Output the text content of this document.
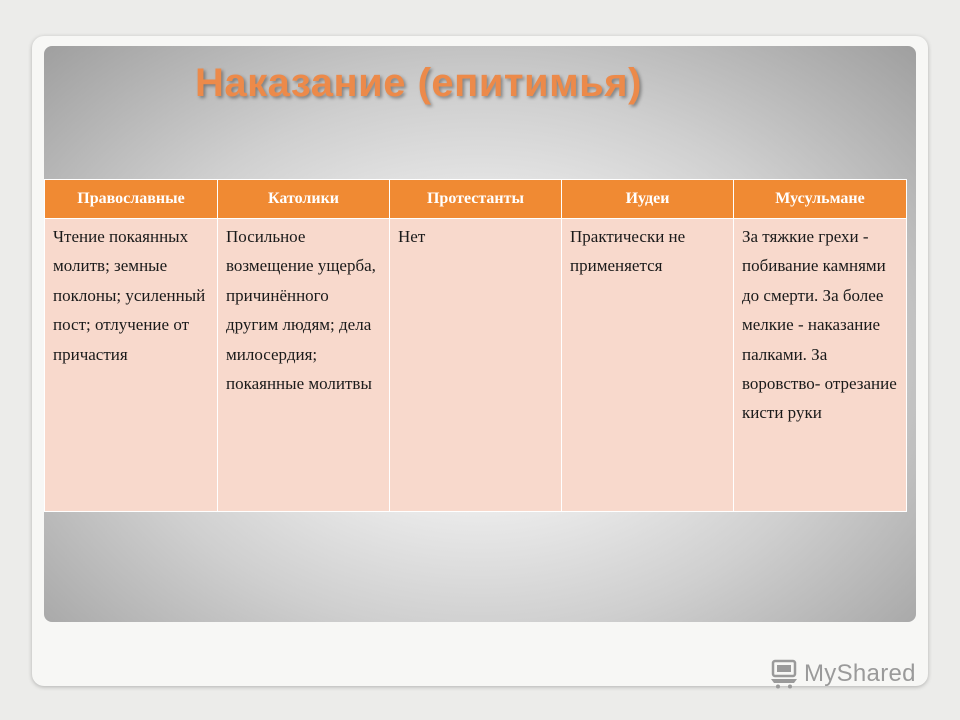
Наказание (епитимья)
Православные	Католики	Протестанты	Иудеи	Мусульмане
Чтение покаянных молитв; земные поклоны; усиленный пост; отлучение от причастия	Посильное возмещение ущерба, причинённого другим людям; дела милосердия; покаянные молитвы	Нет	Практически не применяется	За тяжкие грехи - побивание камнями до смерти. За более мелкие - наказание палками. За воровство- отрезание кисти руки
MyShared
